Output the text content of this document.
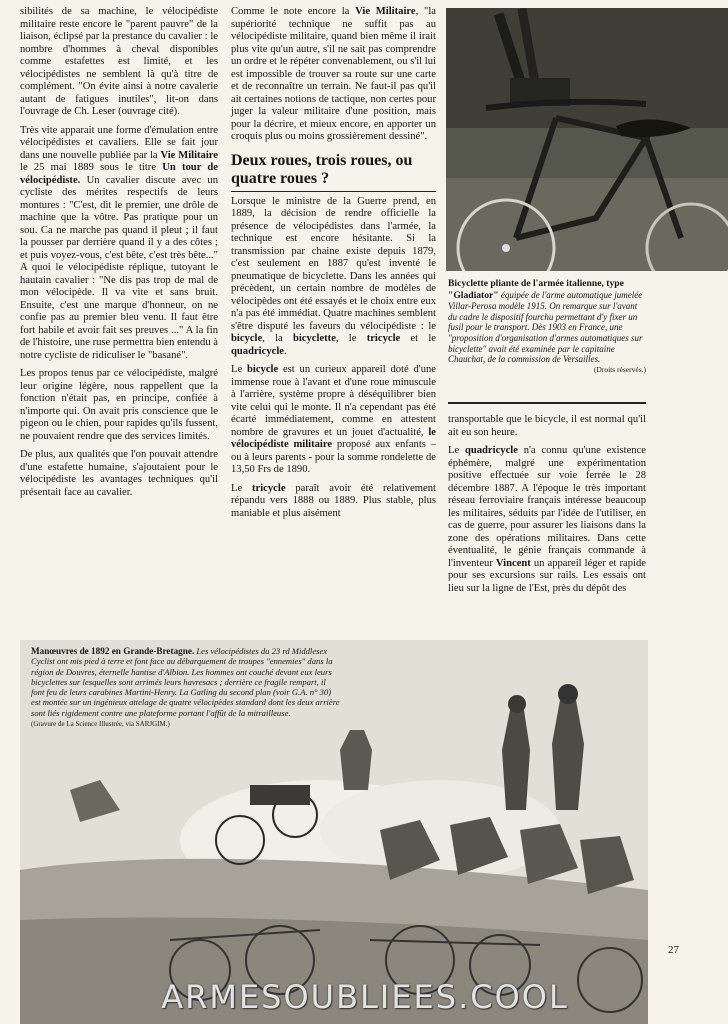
sibilités de sa machine, le vélocipédiste militaire reste encore le "parent pauvre" de la liaison, éclipsé par la prestance du cavalier : le nombre d'hommes à cheval disponibles comme estafettes est limité, et les vélocipédistes ne semblent là qu'à titre de complément. "On évite ainsi à notre cavalerie autant de fatigues inutiles", lit-on dans l'ouvrage de Ch. Leser (ouvrage cité).

Très vite apparait une forme d'émulation entre vélocipédistes et cavaliers. Elle se fait jour dans une nouvelle publiée par la Vie Militaire le 25 mai 1889 sous le titre Un tour de vélocipédiste. Un cavalier discute avec un cycliste des mérites respectifs de leurs montures : "C'est, dit le premier, une drôle de machine que la vôtre. Pas pratique pour un sou. Ca ne marche pas quand il pleut ; il faut la pousser par derrière quand il y a des côtes ; et puis voyez-vous, c'est bête, c'est très bête..." A quoi le vélocipédiste réplique, tutoyant le hautain cavalier : "Ne dis pas trop de mal de mon vélocipède. Il va vite et sans bruit. Ensuite, c'est une marque d'honneur, on ne confie pas au premier bleu venu. Il faut être fort habile et avoir fait ses preuves ..." A la fin de l'histoire, une ruse permettra bien entendu à notre cycliste de ridiculiser le "basané".

Les propos tenus par ce vélocipédiste, malgré leur origine légère, nous rappellent que la fonction n'était pas, en principe, confiée à n'importe qui. On avait pris conscience que le pigeon ou le chien, pour rapides qu'ils fussent, ne pouvaient rendre que des services limités.

De plus, aux qualités que l'on pouvait attendre d'une estafette humaine, s'ajoutaient pour le vélocipédiste les avantages techniques qu'il présentait face au cavalier.

Comme le note encore la Vie Militaire, "la supériorité technique ne suffit pas au vélocipédiste militaire, quand bien même il irait plus vite qu'un autre, s'il ne sait pas comprendre un ordre et le répéter convenablement, ou s'il lui est impossible de trouver sa route sur une carte et de reconnaître un terrain. Ne faut-il pas qu'il ait certaines notions de tactique, non certes pour juger la valeur militaire d'une position, mais pour la décrire, et mieux encore, en apporter un croquis plus ou moins grossièrement dessiné".

Deux roues, trois roues, ou quatre roues ?

Lorsque le ministre de la Guerre prend, en 1889, la décision de rendre officielle la présence de vélocipédistes dans l'armée, la technique est encore hésitante. Si la transmission par chaine existe depuis 1879, c'est seulement en 1887 qu'est inventé le pneumatique de bicyclette. Dans les années qui précèdent, un certain nombre de modèles de vélocipèdes ont été essayés et le choix entre eux n'a pas été immédiat. Quatre machines semblent s'être disputé les faveurs du vélocipédiste : le bicycle, la bicyclette, le tricycle et le quadricycle.

Le bicycle est un curieux appareil doté d'une immense roue à l'avant et d'une roue minuscule à l'arrière, système propre à déséquilibrer bien vite celui qui le monte. Il n'a cependant pas été écarté immédiatement, comme en attestent nombre de gravures et un jouet d'actualité, le vélocipédiste militaire proposé aux enfants – ou à leurs parents - pour la somme rondelette de 13,50 Frs de 1890.

Le tricycle paraît avoir été relativement répandu vers 1888 ou 1889. Plus stable, plus maniable et plus aisément

Bicyclette pliante de l'armée italienne, type "Gladiator" équipée de l'arme automatique jumelée Villar-Perosa modèle 1915. On remarque sur l'avant du cadre le dispositif fourchu permettant d'y fixer un fusil pour le transport. Dès 1903 en France, une "proposition d'organisation d'armes automatiques sur bicyclette" avait été examinée par le capitaine Chauchat, de la commission de Versailles.
(Droits réservés.)

transportable que le bicycle, il est normal qu'il ait eu son heure.

Le quadricycle n'a connu qu'une existence éphémère, malgré une expérimentation positive effectuée sur voie ferrée le 28 décembre 1887. A l'époque le très important réseau ferroviaire français intéresse beaucoup les militaires, séduits par l'idée de l'utiliser, en cas de guerre, pour assurer les liaisons dans la zone des opérations militaires. Dans cette éventualité, le génie français commande à l'inventeur Vincent un appareil léger et rapide pour ses excursions sur rails. Les essais ont lieu sur la ligne de l'Est, près du dépôt des

Manœuvres de 1892 en Grande-Bretagne. Les vélocipédistes du 23 rd Middlesex Cyclist ont mis pied à terre et font face au débarquement de troupes "ennemies" dans la région de Douvres, éternelle hantise d'Albion. Les hommes ont couché devant eux leurs bicyclettes sur lesquelles sont arrimés leurs havresacs ; derrière ce fragile rempart, il font feu de leurs carabines Martini-Henry. La Gatling du second plan (voir G.A. n° 30) est montée sur un ingénieux attelage de quatre vélocipèdes standard dont les deux arrière sont liés rigidement contre une plateforme portant l'affût de la mitrailleuse.
(Gravure de La Science Illustrée, via SARJGIM.)
27
ARMESOUBLIEES.COOL
